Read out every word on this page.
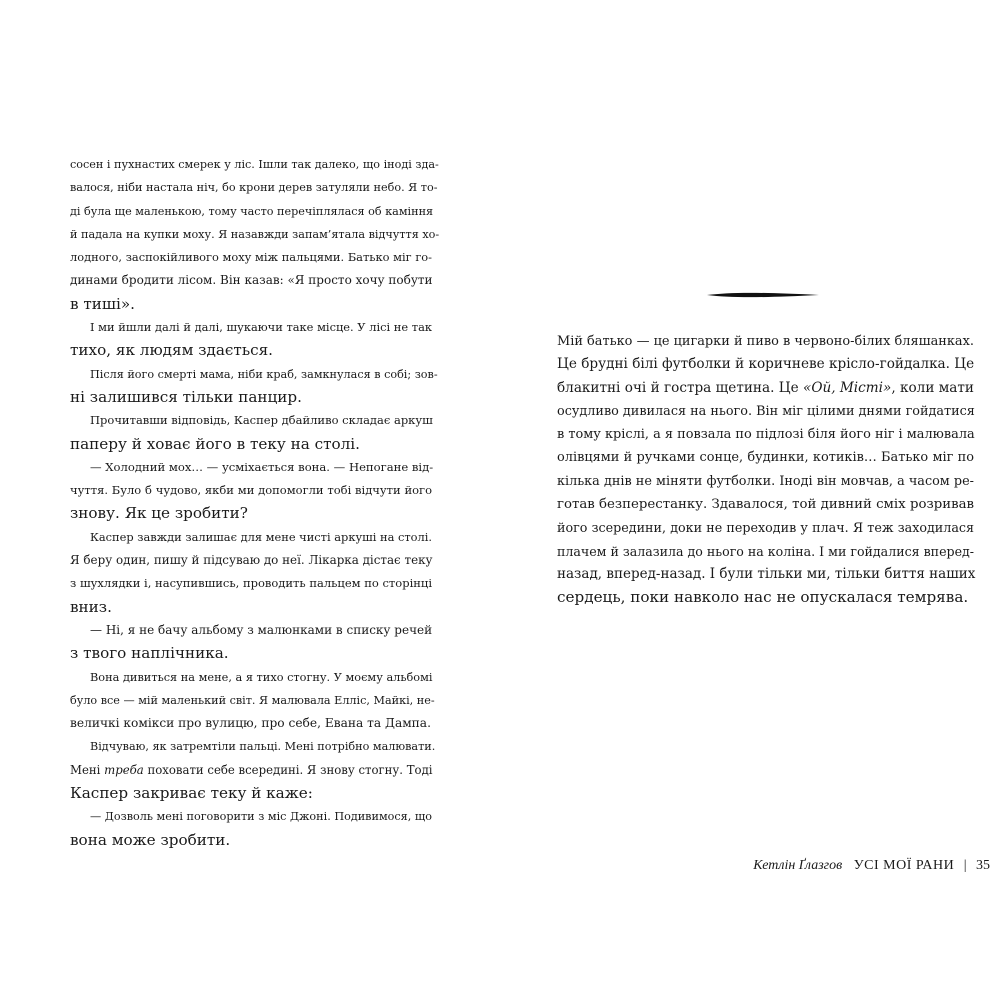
сосен і пухнастих смерек у ліс. Ішли так далеко, що іноді зда-
валося, ніби настала ніч, бо крони дерев затуляли небо. Я то-
ді була ще маленькою, тому часто перечіплялася об каміння
й падала на купки моху. Я назавжди запам’ятала відчуття хо-
лодного, заспокійливого моху між пальцями. Батько міг го-
динами бродити лісом. Він казав: «Я просто хочу побути
в тиші».
І ми йшли далі й далі, шукаючи таке місце. У лісі не так
тихо, як людям здається.
Після його смерті мама, ніби краб, замкнулася в собі; зов-
ні залишився тільки панцир.
Прочитавши відповідь, Каспер дбайливо складає аркуш
паперу й ховає його в теку на столі.
— Холодний мох… — усміхається вона. — Непогане від-
чуття. Було б чудово, якби ми допомогли тобі відчути його
знову. Як це зробити?
Каспер завжди залишає для мене чисті аркуші на столі.
Я беру один, пишу й підсуваю до неї. Лікарка дістає теку
з шухлядки і, насупившись, проводить пальцем по сторінці
вниз.
— Ні, я не бачу альбому з малюнками в списку речей
з твого наплічника.
Вона дивиться на мене, а я тихо стогну. У моєму альбомі
було все — мій маленький світ. Я малювала Елліс, Майкі, не-
величкі комікси про вулицю, про себе, Евана та Дампа.
Відчуваю, як затремтіли пальці. Мені потрібно малювати.
Мені треба поховати себе всередині. Я знову стогну. Тоді
Каспер закриває теку й каже:
— Дозволь мені поговорити з міс Джоні. Подивимося, що
вона може зробити.
Мій батько — це цигарки й пиво в червоно-білих бляшанках.
Це брудні білі футболки й коричневе крісло-гойдалка. Це
блакитні очі й гостра щетина. Це «Ой, Місті», коли мати
осудливо дивилася на нього. Він міг цілими днями гойдатися
в тому кріслі, а я повзала по підлозі біля його ніг і малювала
олівцями й ручками сонце, будинки, котиків… Батько міг по
кілька днів не міняти футболки. Іноді він мовчав, а часом ре-
готав безперестанку. Здавалося, той дивний сміх розривав
його зсередини, доки не переходив у плач. Я теж заходилася
плачем й залазила до нього на коліна. І ми гойдалися вперед-
назад, вперед-назад. І були тільки ми, тільки биття наших
сердець, поки навколо нас не опускалася темрява.
Кетлін Ґлазгов УСІ МОЇ РАНИ | 35
